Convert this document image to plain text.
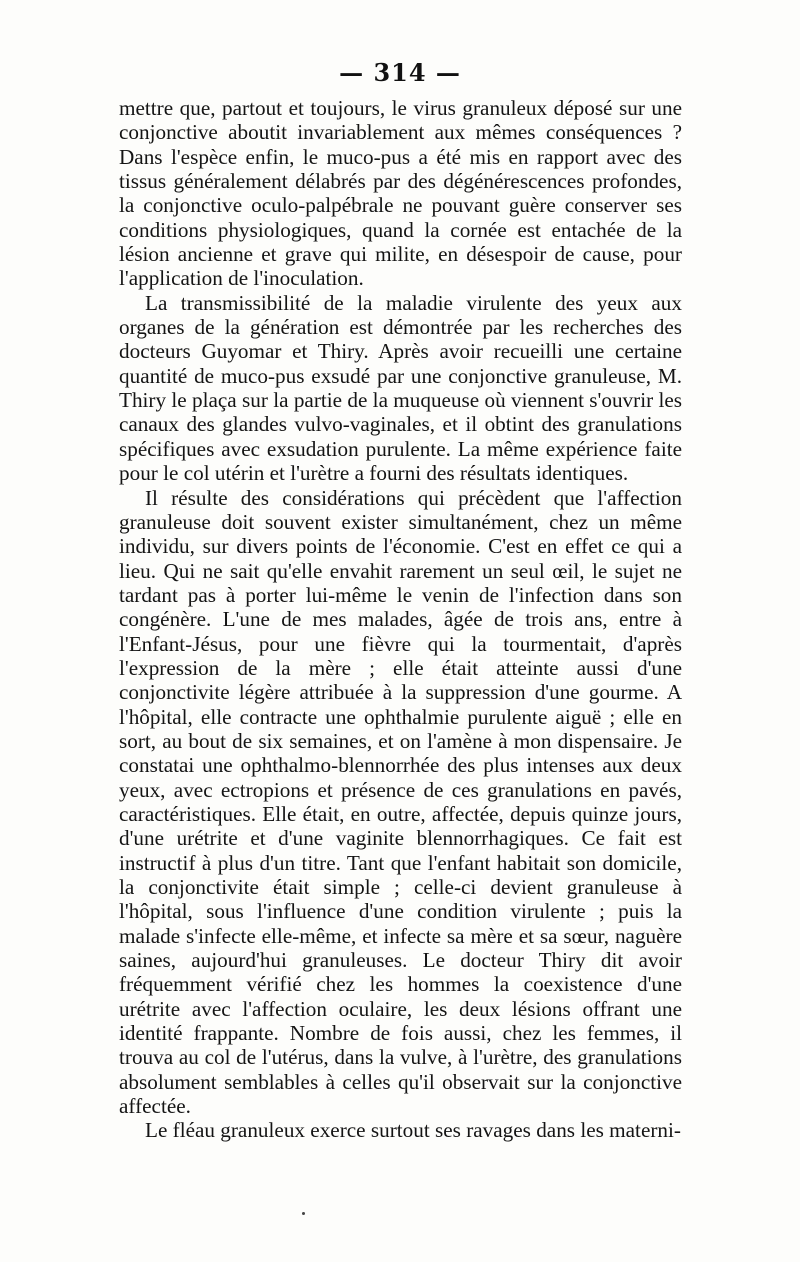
— 314 —

mettre que, partout et toujours, le virus granuleux déposé sur une conjonctive aboutit invariablement aux mêmes conséquences ? Dans l'espèce enfin, le muco-pus a été mis en rapport avec des tissus généralement délabrés par des dégénérescences profondes, la conjonctive oculo-palpébrale ne pouvant guère conserver ses conditions physiologiques, quand la cornée est entachée de la lésion ancienne et grave qui milite, en désespoir de cause, pour l'application de l'inoculation.

La transmissibilité de la maladie virulente des yeux aux organes de la génération est démontrée par les recherches des docteurs Guyomar et Thiry. Après avoir recueilli une certaine quantité de muco-pus exsudé par une conjonctive granuleuse, M. Thiry le plaça sur la partie de la muqueuse où viennent s'ouvrir les canaux des glandes vulvo-vaginales, et il obtint des granulations spécifiques avec exsudation purulente. La même expérience faite pour le col utérin et l'urètre a fourni des résultats identiques.

Il résulte des considérations qui précèdent que l'affection granuleuse doit souvent exister simultanément, chez un même individu, sur divers points de l'économie. C'est en effet ce qui a lieu. Qui ne sait qu'elle envahit rarement un seul œil, le sujet ne tardant pas à porter lui-même le venin de l'infection dans son congénère. L'une de mes malades, âgée de trois ans, entre à l'Enfant-Jésus, pour une fièvre qui la tourmentait, d'après l'expression de la mère ; elle était atteinte aussi d'une conjonctivite légère attribuée à la suppression d'une gourme. A l'hôpital, elle contracte une ophthalmie purulente aiguë ; elle en sort, au bout de six semaines, et on l'amène à mon dispensaire. Je constatai une ophthalmo-blennorrhée des plus intenses aux deux yeux, avec ectropions et présence de ces granulations en pavés, caractéristiques. Elle était, en outre, affectée, depuis quinze jours, d'une urétrite et d'une vaginite blennorrhagiques. Ce fait est instructif à plus d'un titre. Tant que l'enfant habitait son domicile, la conjonctivite était simple ; celle-ci devient granuleuse à l'hôpital, sous l'influence d'une condition virulente ; puis la malade s'infecte elle-même, et infecte sa mère et sa sœur, naguère saines, aujourd'hui granuleuses. Le docteur Thiry dit avoir fréquemment vérifié chez les hommes la coexistence d'une urétrite avec l'affection oculaire, les deux lésions offrant une identité frappante. Nombre de fois aussi, chez les femmes, il trouva au col de l'utérus, dans la vulve, à l'urètre, des granulations absolument semblables à celles qu'il observait sur la conjonctive affectée.

Le fléau granuleux exerce surtout ses ravages dans les materni-
